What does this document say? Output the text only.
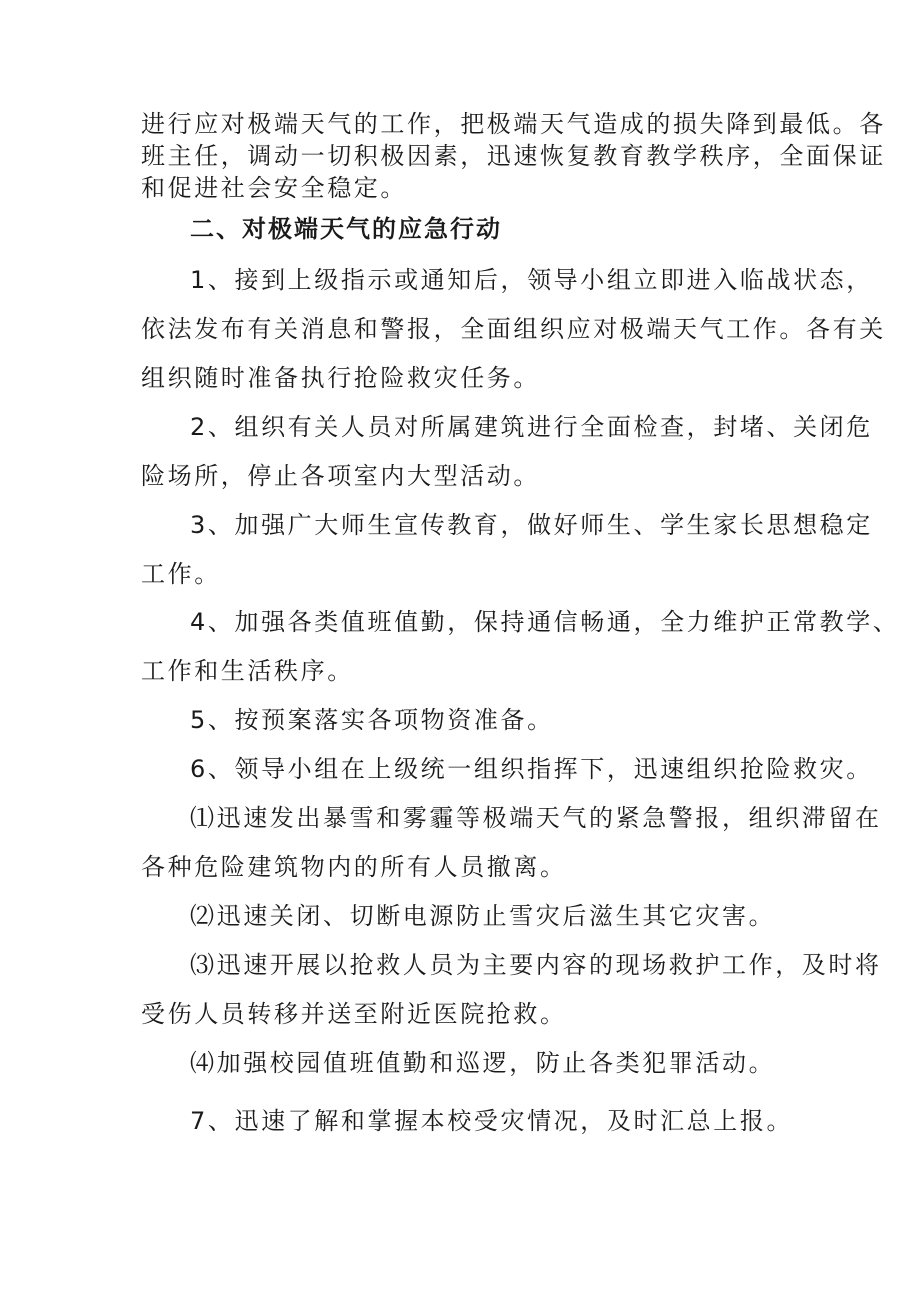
进行应对极端天气的工作，把极端天气造成的损失降到最低。各

班主任，调动一切积极因素，迅速恢复教育教学秩序，全面保证

和促进社会安全稳定。

二、对极端天气的应急行动

1、接到上级指示或通知后，领导小组立即进入临战状态，

依法发布有关消息和警报，全面组织应对极端天气工作。各有关

组织随时准备执行抢险救灾任务。

2、组织有关人员对所属建筑进行全面检查，封堵、关闭危

险场所，停止各项室内大型活动。

3、加强广大师生宣传教育，做好师生、学生家长思想稳定

工作。

4、加强各类值班值勤，保持通信畅通，全力维护正常教学、

工作和生活秩序。

5、按预案落实各项物资准备。

6、领导小组在上级统一组织指挥下，迅速组织抢险救灾。

⑴迅速发出暴雪和雾霾等极端天气的紧急警报，组织滞留在

各种危险建筑物内的所有人员撤离。

⑵迅速关闭、切断电源防止雪灾后滋生其它灾害。

⑶迅速开展以抢救人员为主要内容的现场救护工作，及时将

受伤人员转移并送至附近医院抢救。

⑷加强校园值班值勤和巡逻，防止各类犯罪活动。

7、迅速了解和掌握本校受灾情况，及时汇总上报。
